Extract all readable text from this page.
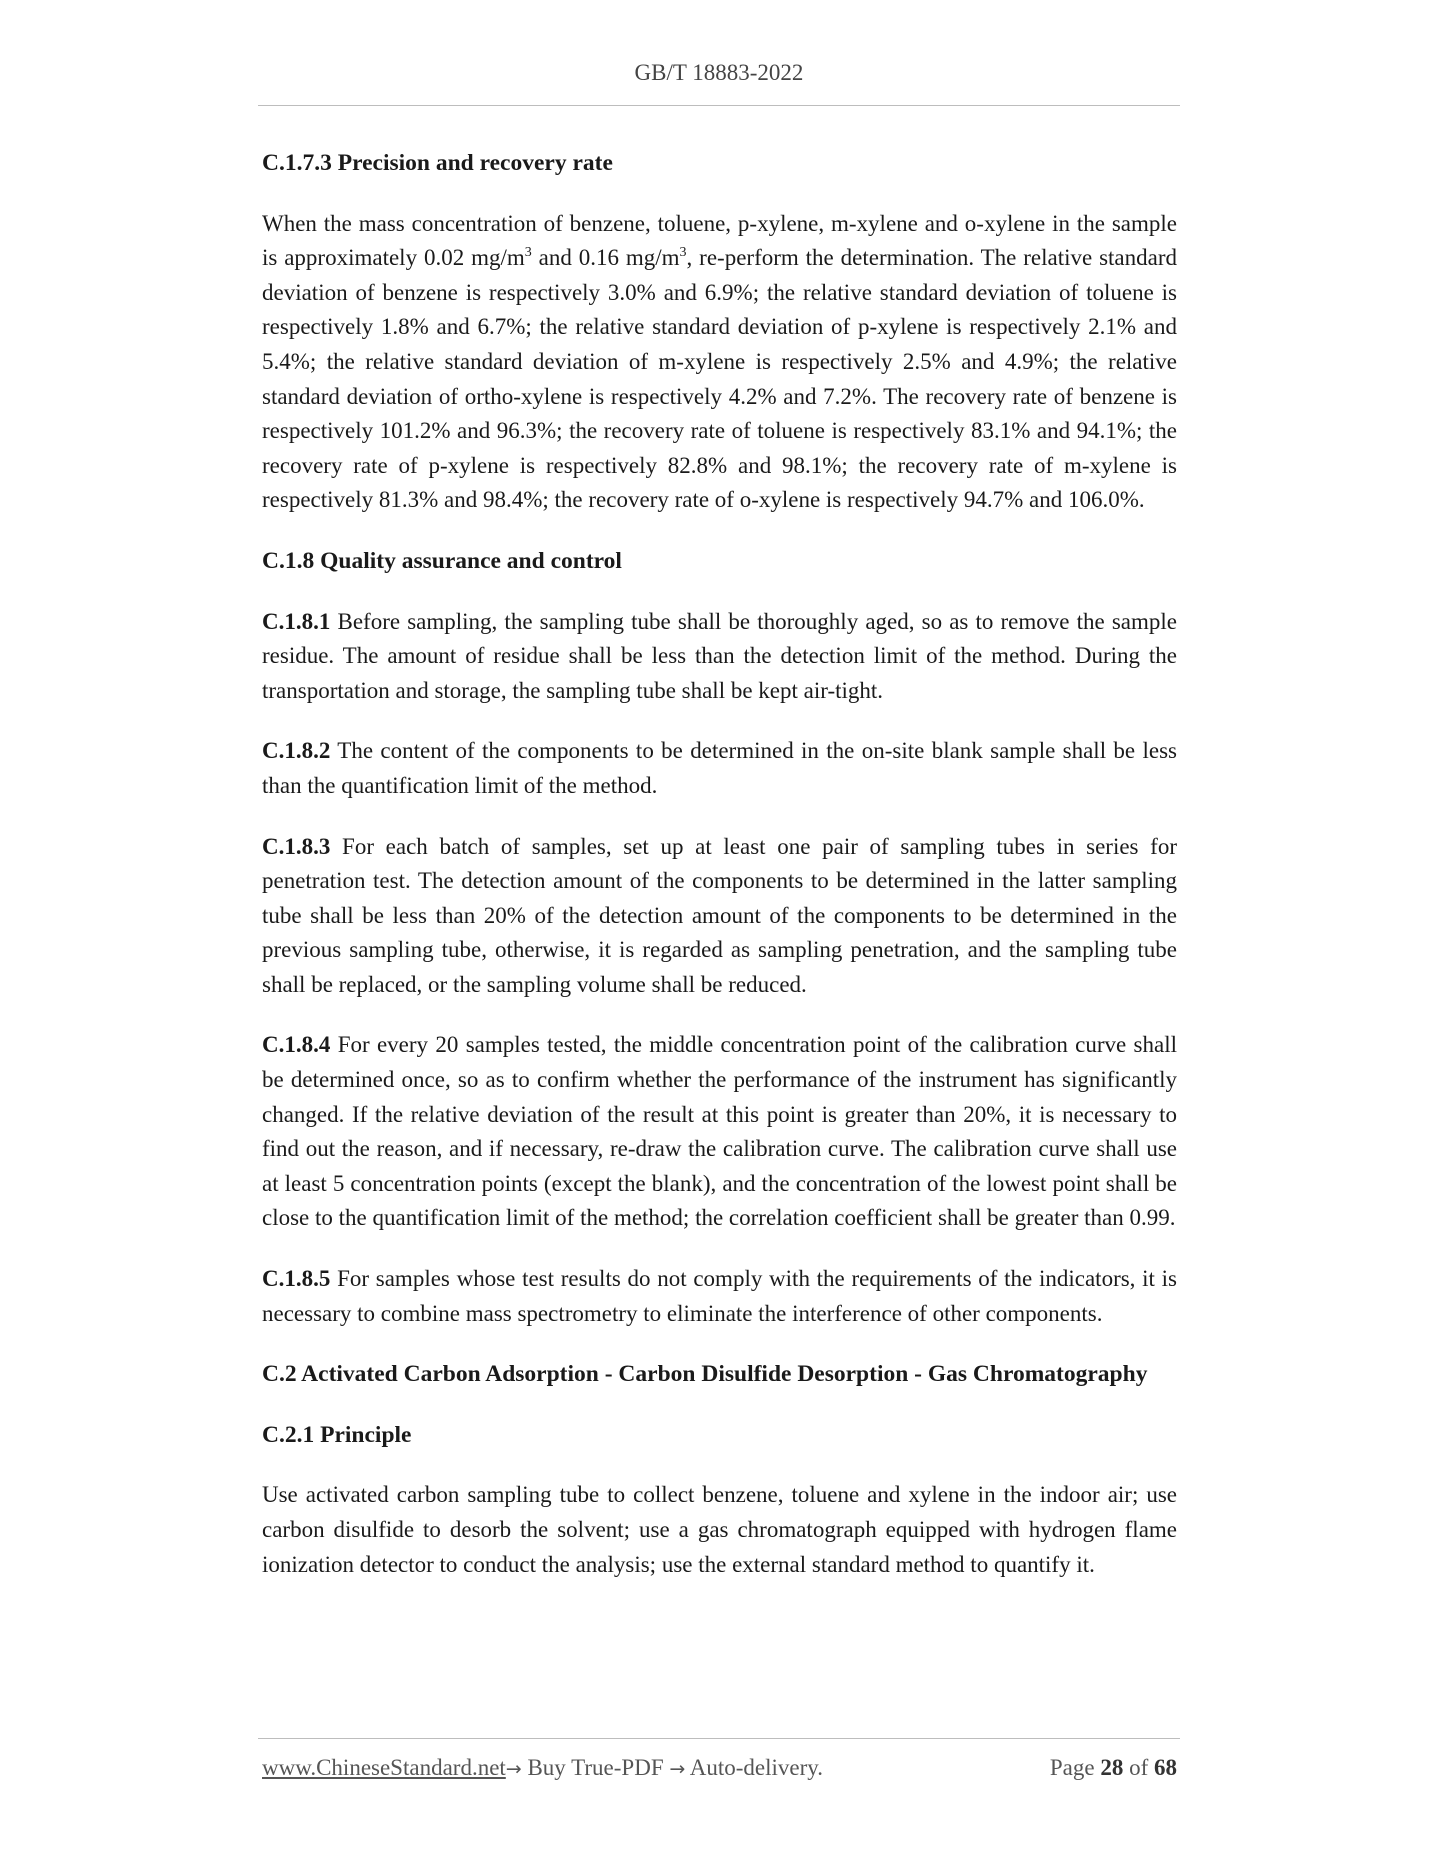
GB/T 18883-2022
C.1.7.3 Precision and recovery rate

When the mass concentration of benzene, toluene, p-xylene, m-xylene and o-xylene in the sample is approximately 0.02 $mg/m^3$ and 0.16 $mg/m^3$, re-perform the determination. The relative standard deviation of benzene is respectively 3.0% and 6.9%; the relative standard deviation of toluene is respectively 1.8% and 6.7%; the relative standard deviation of p-xylene is respectively 2.1% and 5.4%; the relative standard deviation of m-xylene is respectively 2.5% and 4.9%; the relative standard deviation of ortho-xylene is respectively 4.2% and 7.2%. The recovery rate of benzene is respectively 101.2% and 96.3%; the recovery rate of toluene is respectively 83.1% and 94.1%; the recovery rate of p-xylene is respectively 82.8% and 98.1%; the recovery rate of m-xylene is respectively 81.3% and 98.4%; the recovery rate of o-xylene is respectively 94.7% and 106.0%.

C.1.8 Quality assurance and control

C.1.8.1 Before sampling, the sampling tube shall be thoroughly aged, so as to remove the sample residue. The amount of residue shall be less than the detection limit of the method. During the transportation and storage, the sampling tube shall be kept air-tight.

C.1.8.2 The content of the components to be determined in the on-site blank sample shall be less than the quantification limit of the method.

C.1.8.3 For each batch of samples, set up at least one pair of sampling tubes in series for penetration test. The detection amount of the components to be determined in the latter sampling tube shall be less than 20% of the detection amount of the components to be determined in the previous sampling tube, otherwise, it is regarded as sampling penetration, and the sampling tube shall be replaced, or the sampling volume shall be reduced.

C.1.8.4 For every 20 samples tested, the middle concentration point of the calibration curve shall be determined once, so as to confirm whether the performance of the instrument has significantly changed. If the relative deviation of the result at this point is greater than 20%, it is necessary to find out the reason, and if necessary, re-draw the calibration curve. The calibration curve shall use at least 5 concentration points (except the blank), and the concentration of the lowest point shall be close to the quantification limit of the method; the correlation coefficient shall be greater than 0.99.

C.1.8.5 For samples whose test results do not comply with the requirements of the indicators, it is necessary to combine mass spectrometry to eliminate the interference of other components.

C.2 Activated Carbon Adsorption - Carbon Disulfide Desorption - Gas Chromatography
C.2.1 Principle

Use activated carbon sampling tube to collect benzene, toluene and xylene in the indoor air; use carbon disulfide to desorb the solvent; use a gas chromatograph equipped with hydrogen flame ionization detector to conduct the analysis; use the external standard method to quantify it.

www.ChineseStandard.net→ Buy True-PDF → Auto-delivery.	Page 28 of 68
